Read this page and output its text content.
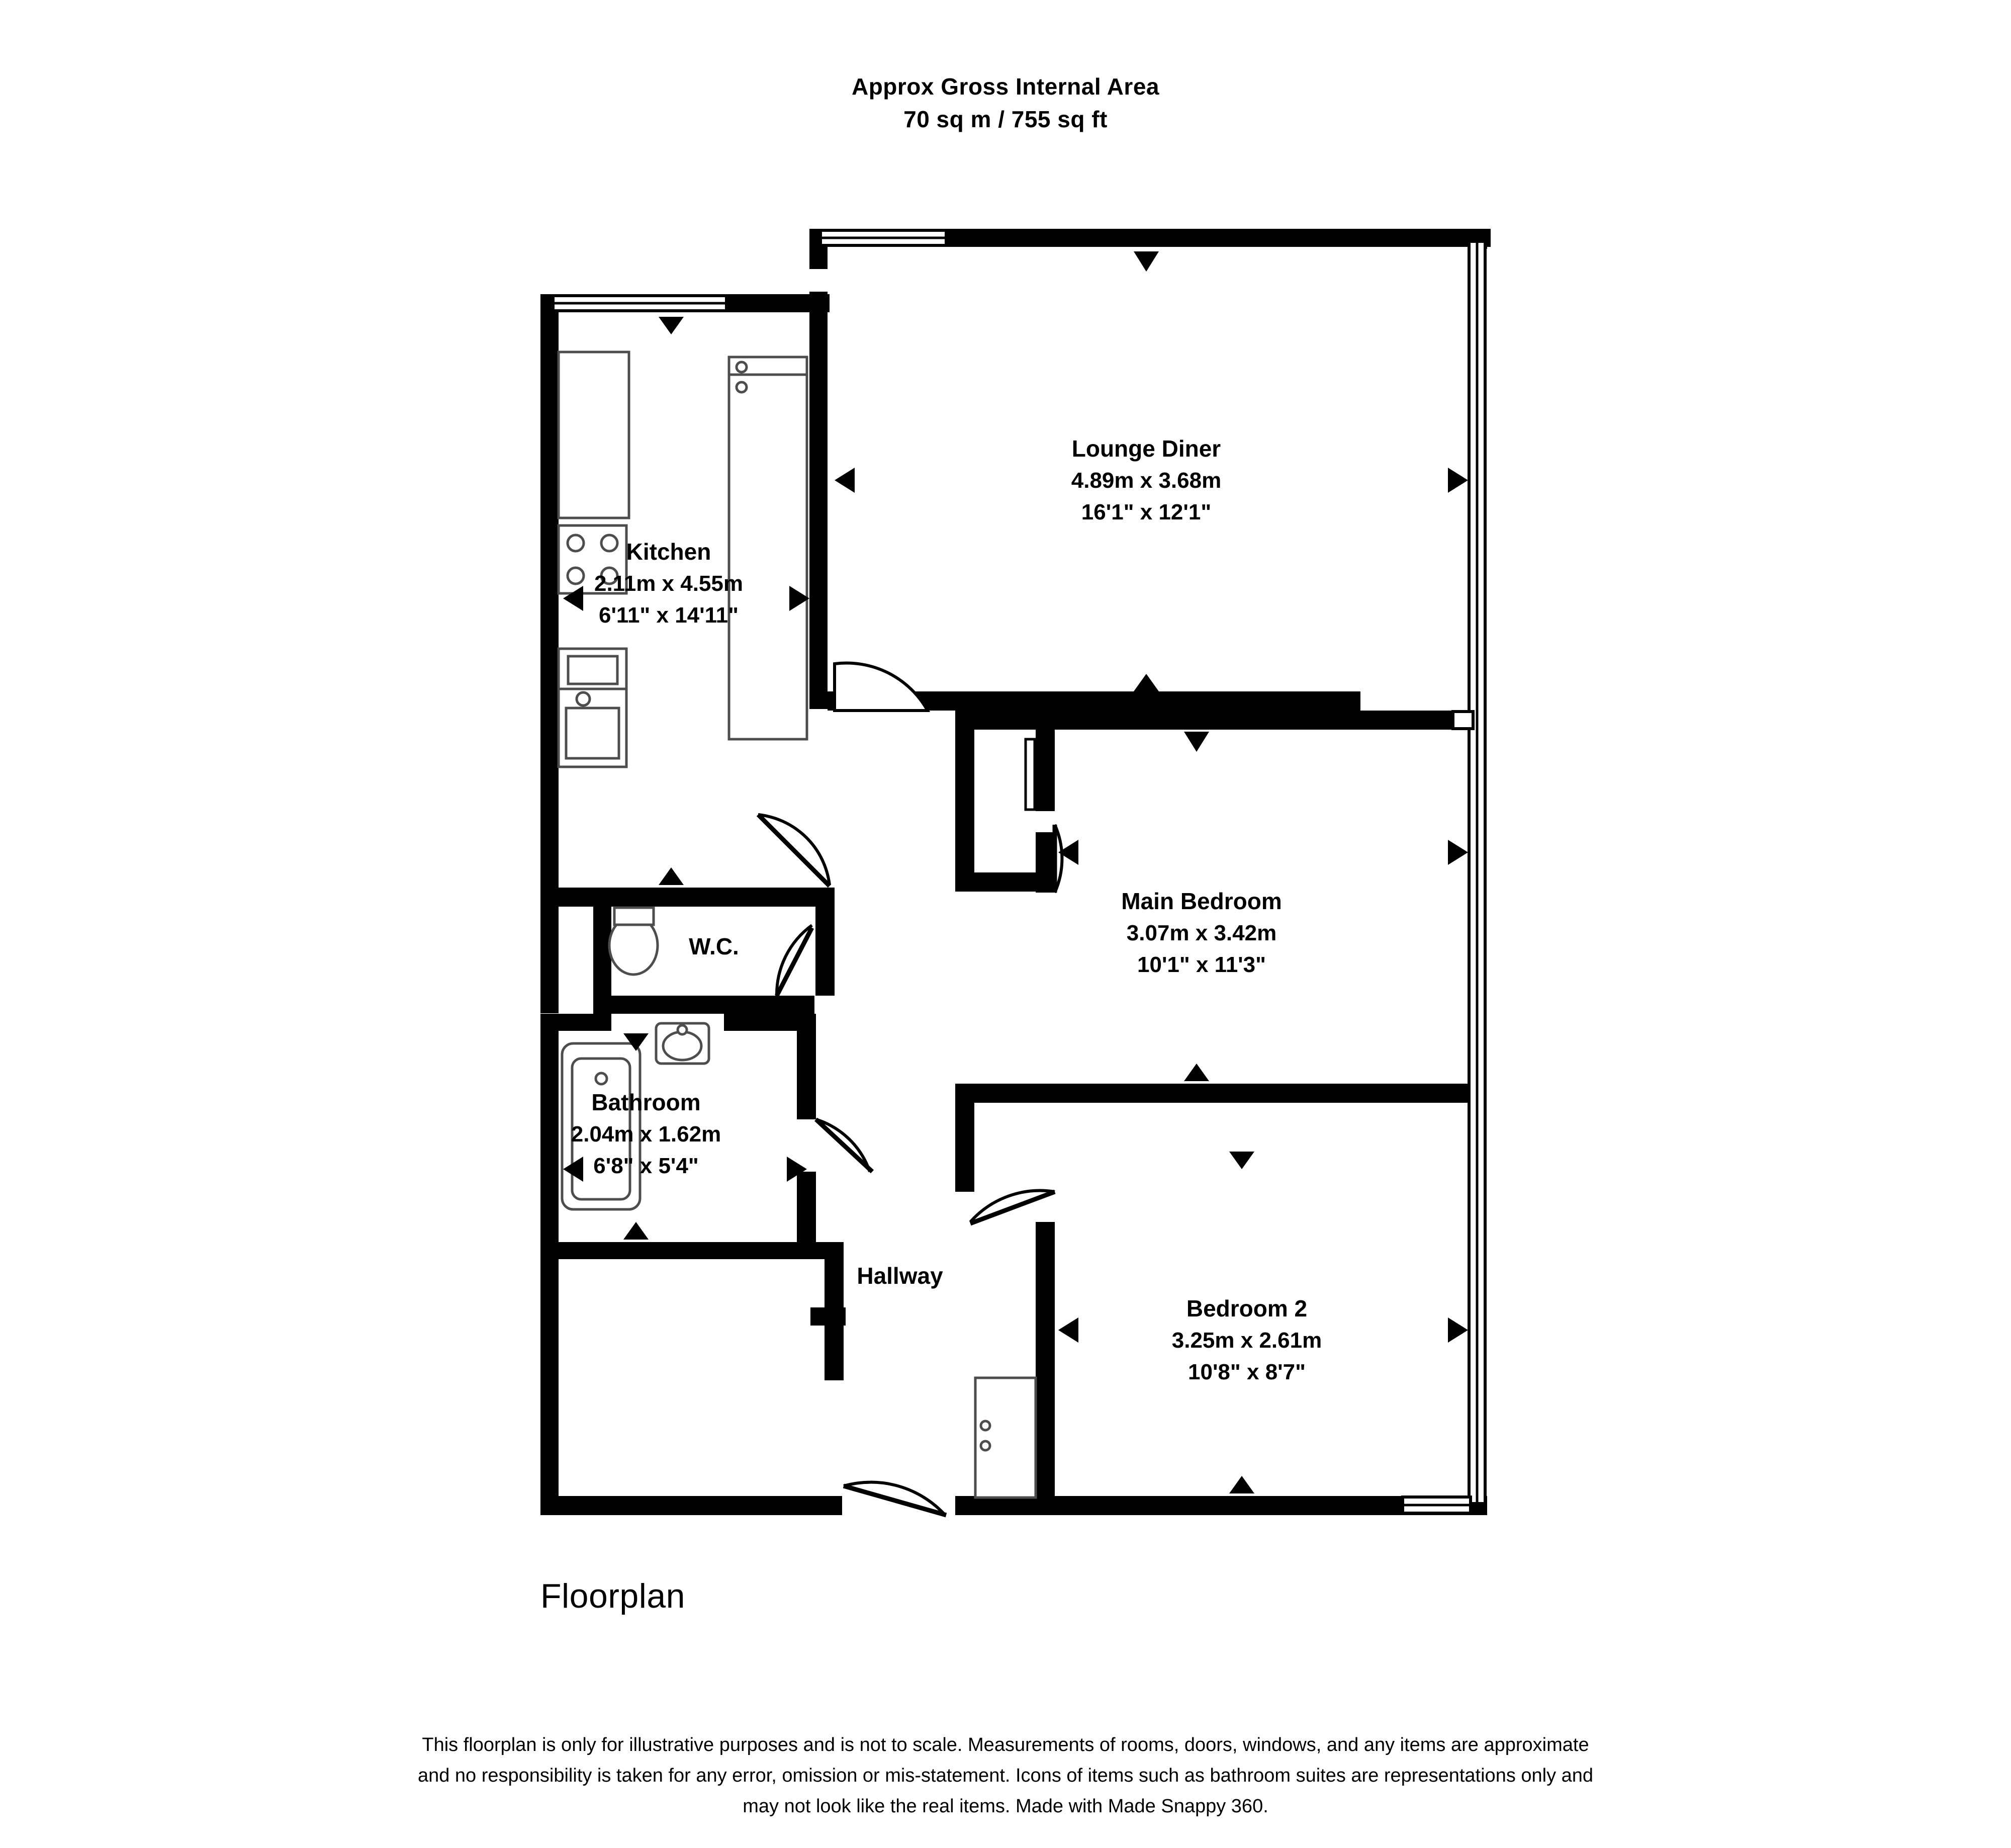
Approx Gross Internal Area
70 sq m / 755 sq ft
Lounge Diner
4.89m x 3.68m
16'1" x 12'1"
Kitchen
2.11m x 4.55m
6'11" x 14'11"
Main Bedroom
3.07m x 3.42m
10'1" x 11'3"
Bedroom 2
3.25m x 2.61m
10'8" x 8'7"
Bathroom
2.04m x 1.62m
6'8" x 5'4"
W.C.
Hallway
Floorplan
This floorplan is only for illustrative purposes and is not to scale. Measurements of rooms, doors, windows, and any items are approximate
and no responsibility is taken for any error, omission or mis-statement. Icons of items such as bathroom suites are representations only and
may not look like the real items. Made with Made Snappy 360.
